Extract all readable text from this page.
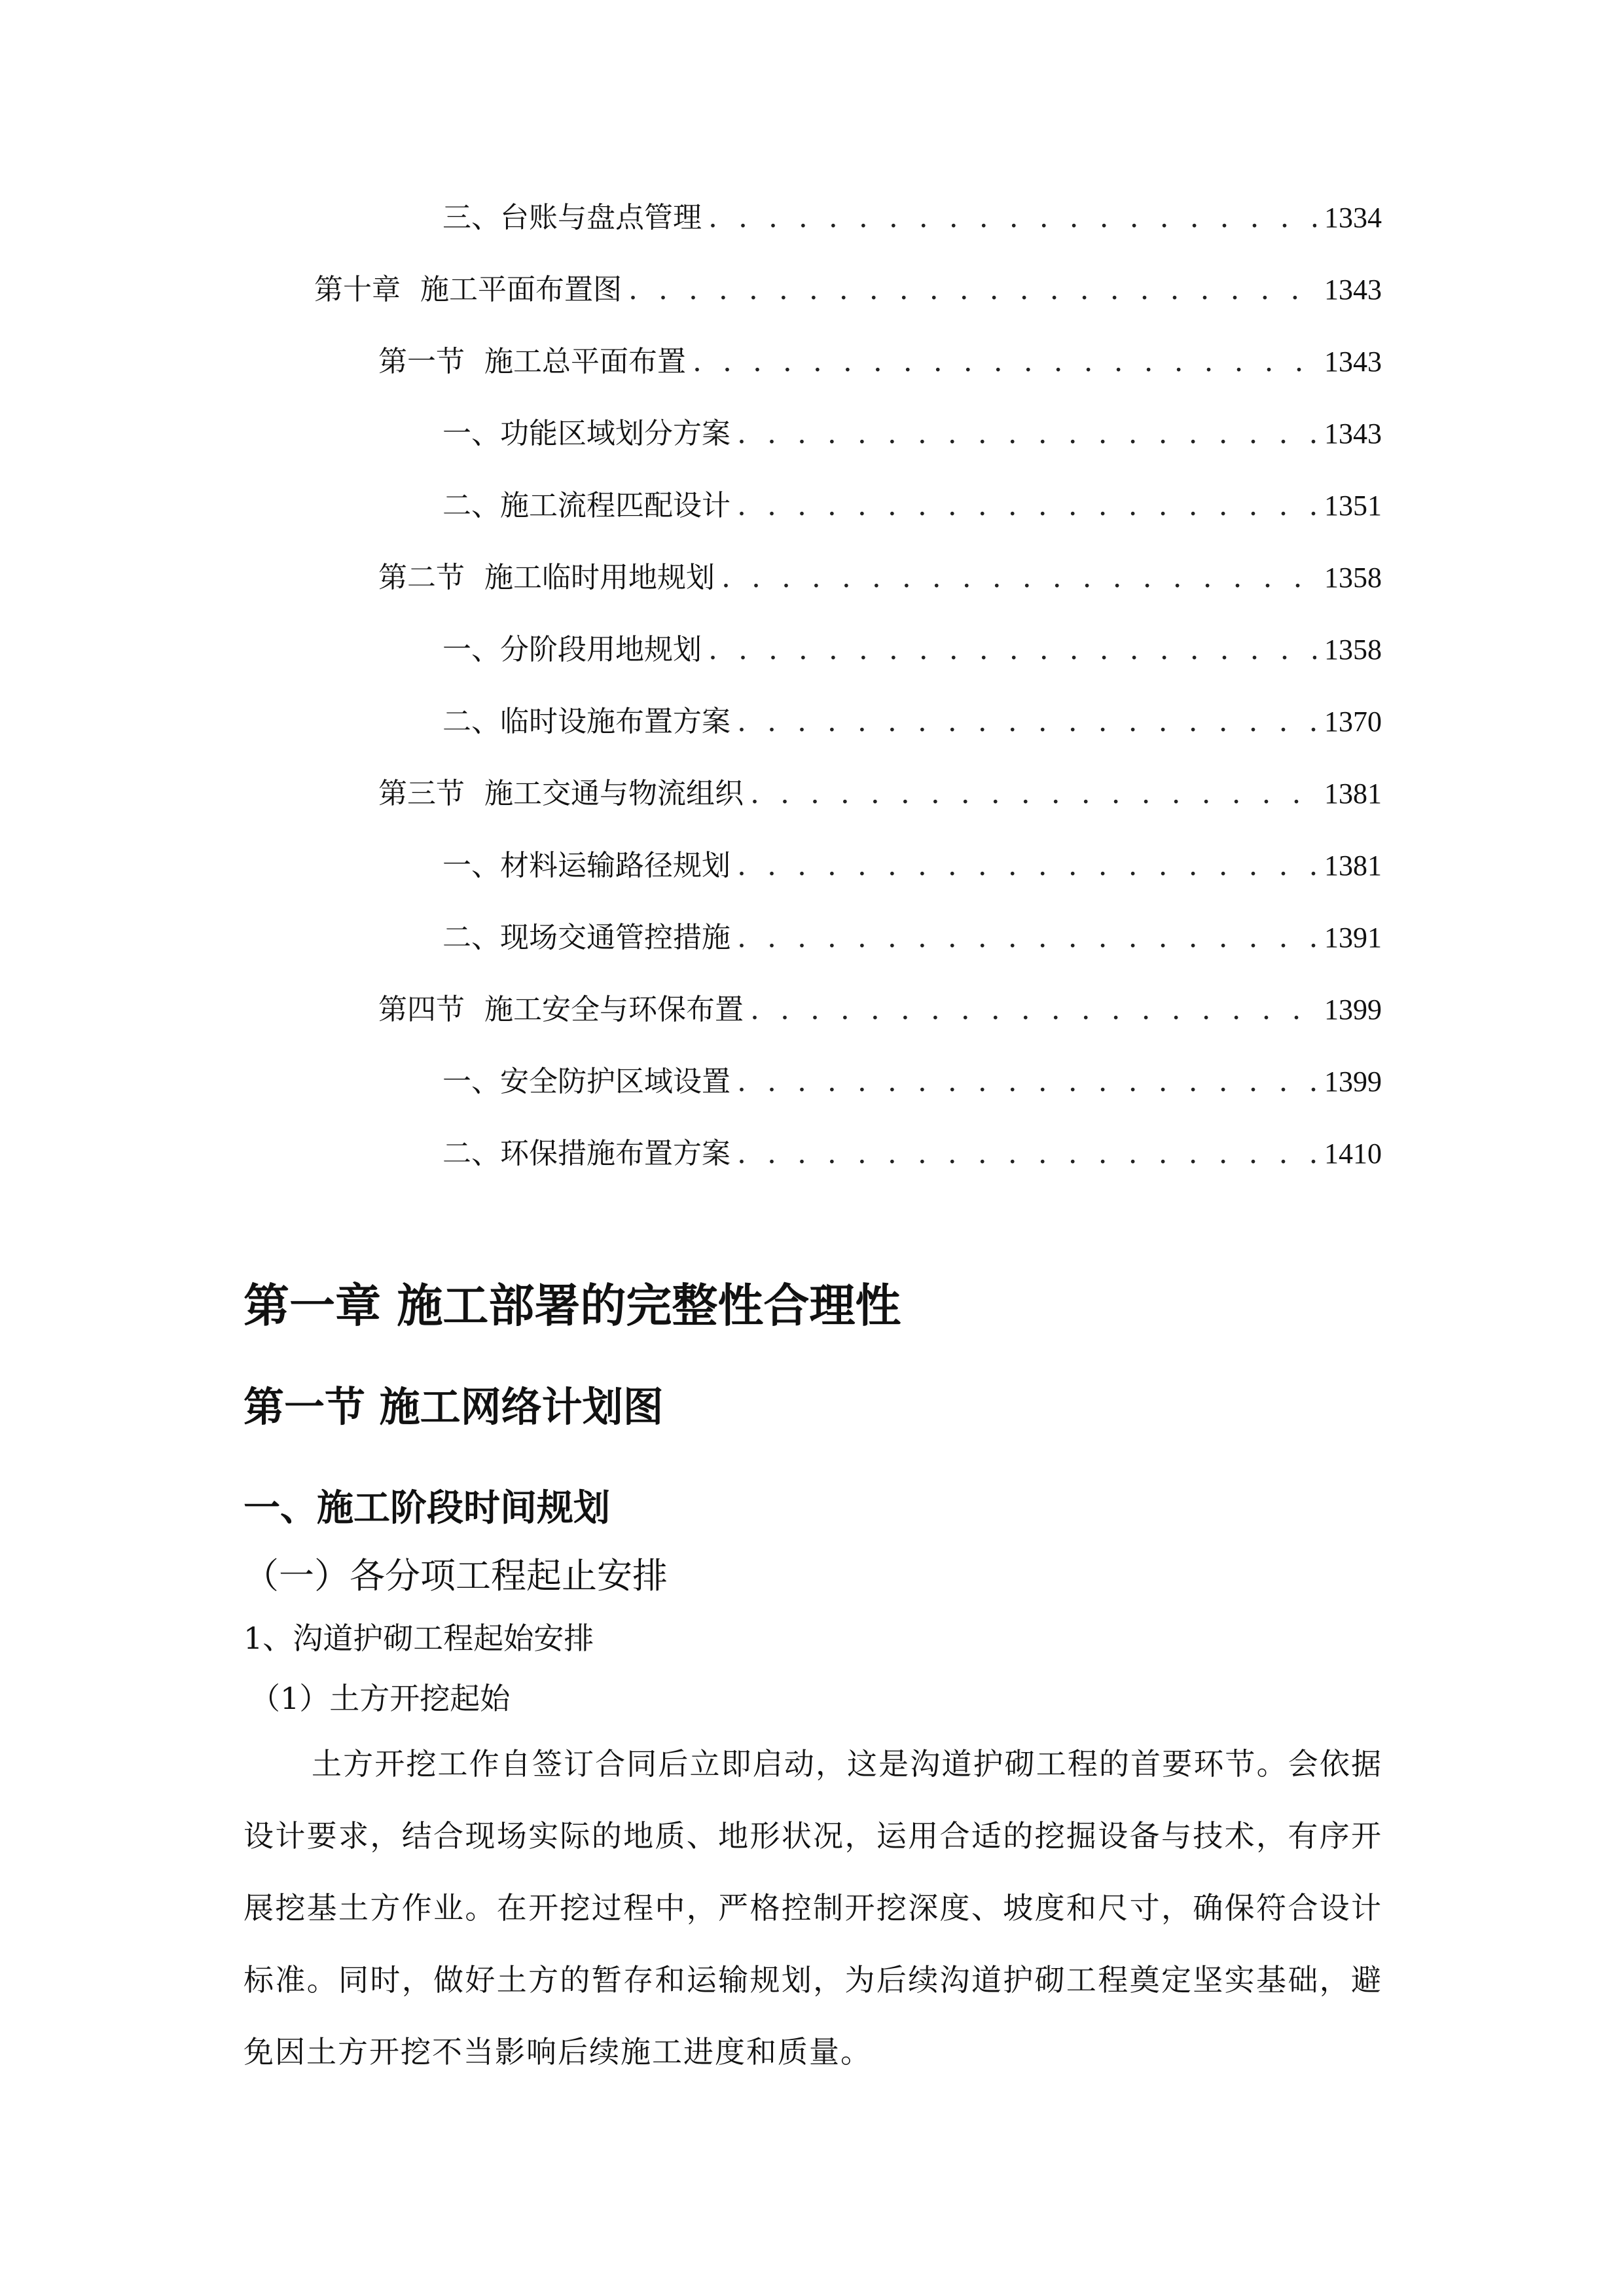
三、 台账与盘点管理 . . .	1334
第十章 施工平面布置图 . . .	1343
第一节 施工总平面布置 . . .	1343
一、 功能区域划分方案 . . .	1343
二、 施工流程匹配设计 . . .	1351
第二节 施工临时用地规划 . . .	1358
一、 分阶段用地规划 . . .	1358
二、 临时设施布置方案 . . .	1370
第三节 施工交通与物流组织 . . .	1381
一、 材料运输路径规划 . . .	1381
二、 现场交通管控措施 . . .	1391
第四节 施工安全与环保布置 . . .	1399
一、 安全防护区域设置 . . .	1399
二、 环保措施布置方案 . . .	1410
第一章 施工部署的完整性合理性
第一节 施工网络计划图
一、施工阶段时间规划
（一）各分项工程起止安排
1、沟道护砌工程起始安排
（1）土方开挖起始

土方开挖工作自签订合同后立即启动，这是沟道护砌工程的首要环节。会依据设计要求，结合现场实际的地质、地形状况，运用合适的挖掘设备与技术，有序开展挖基土方作业。在开挖过程中，严格控制开挖深度、坡度和尺寸，确保符合设计标准。同时，做好土方的暂存和运输规划，为后续沟道护砌工程奠定坚实基础，避免因土方开挖不当影响后续施工进度和质量。
